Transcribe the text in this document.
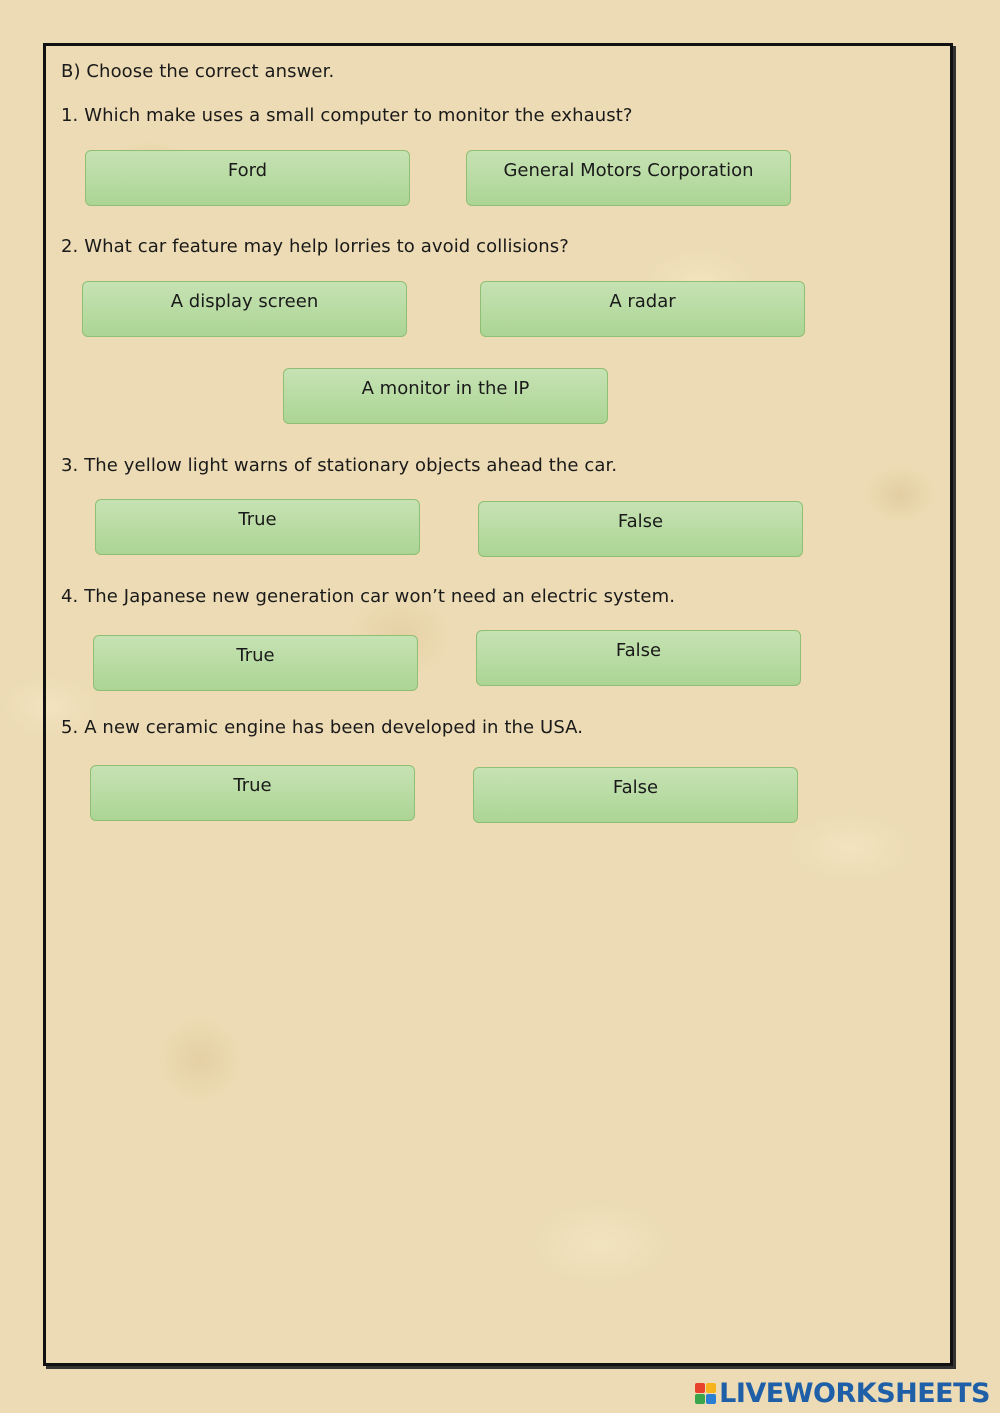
B) Choose the correct answer.
1. Which make uses a small computer to monitor the exhaust?
Ford	General Motors Corporation
2. What car feature may help lorries to avoid collisions?
A display screen	A radar
A monitor in the IP
3. The yellow light warns of stationary objects ahead the car.
True	False
4. The Japanese new generation car won’t need an electric system.
True	False
5. A new ceramic engine has been developed in the USA.
True	False
LIVEWORKSHEETS
